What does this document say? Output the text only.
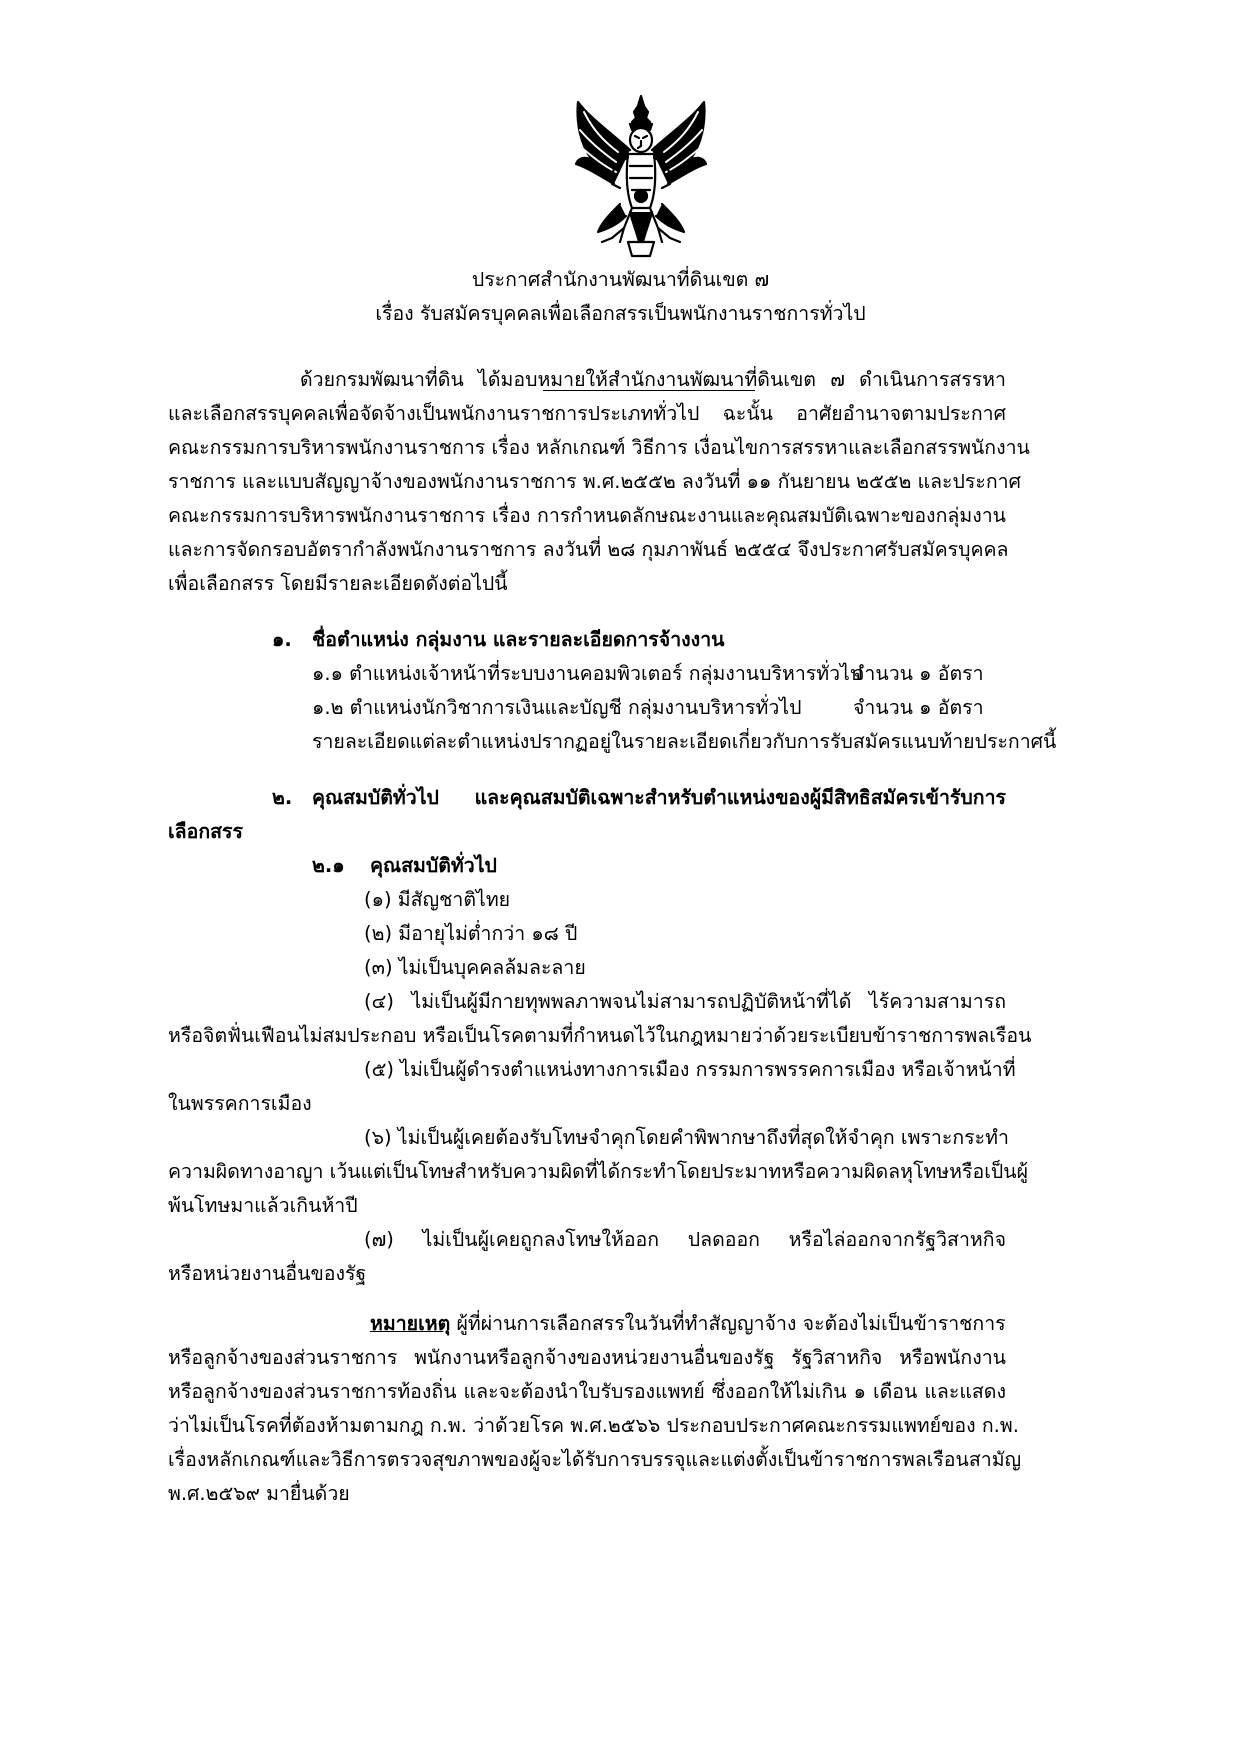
ประกาศสำนักงานพัฒนาที่ดินเขต ๗
เรื่อง รับสมัครบุคคลเพื่อเลือกสรรเป็นพนักงานราชการทั่วไป
ด้วยกรมพัฒนาที่ดิน ได้มอบหมายให้สำนักงานพัฒนาที่ดินเขต ๗ ดำเนินการสรรหา
และเลือกสรรบุคคลเพื่อจัดจ้างเป็นพนักงานราชการประเภททั่วไป ฉะนั้น อาศัยอำนาจตามประกาศ
คณะกรรมการบริหารพนักงานราชการ เรื่อง หลักเกณฑ์ วิธีการ เงื่อนไขการสรรหาและเลือกสรรพนักงาน
ราชการ และแบบสัญญาจ้างของพนักงานราชการ พ.ศ.๒๕๕๒ ลงวันที่ ๑๑ กันยายน ๒๕๕๒ และประกาศ
คณะกรรมการบริหารพนักงานราชการ เรื่อง การกำหนดลักษณะงานและคุณสมบัติเฉพาะของกลุ่มงาน
และการจัดกรอบอัตรากำลังพนักงานราชการ ลงวันที่ ๒๘ กุมภาพันธ์ ๒๕๕๔ จึงประกาศรับสมัครบุคคล
เพื่อเลือกสรร โดยมีรายละเอียดดังต่อไปนี้
๑. ชื่อตำแหน่ง กลุ่มงาน และรายละเอียดการจ้างงาน
๑.๑ ตำแหน่งเจ้าหน้าที่ระบบงานคอมพิวเตอร์ กลุ่มงานบริหารทั่วไป
จำนวน ๑ อัตรา
๑.๒ ตำแหน่งนักวิชาการเงินและบัญชี กลุ่มงานบริหารทั่วไป	จำนวน ๑ อัตรา
รายละเอียดแต่ละตำแหน่งปรากฏอยู่ในรายละเอียดเกี่ยวกับการรับสมัครแนบท้ายประกาศนี้
๒. คุณสมบัติทั่วไป และคุณสมบัติเฉพาะสำหรับตำแหน่งของผู้มีสิทธิสมัครเข้ารับการ
เลือกสรร
๒.๑ คุณสมบัติทั่วไป
(๑) มีสัญชาติไทย
(๒) มีอายุไม่ต่ำกว่า ๑๘ ปี
(๓) ไม่เป็นบุคคลล้มละลาย
(๔) ไม่เป็นผู้มีกายทุพพลภาพจนไม่สามารถปฏิบัติหน้าที่ได้ ไร้ความสามารถ
หรือจิตฟั่นเฟือนไม่สมประกอบ หรือเป็นโรคตามที่กำหนดไว้ในกฎหมายว่าด้วยระเบียบข้าราชการพลเรือน
(๕) ไม่เป็นผู้ดำรงตำแหน่งทางการเมือง กรรมการพรรคการเมือง หรือเจ้าหน้าที่
ในพรรคการเมือง
(๖) ไม่เป็นผู้เคยต้องรับโทษจำคุกโดยคำพิพากษาถึงที่สุดให้จำคุก เพราะกระทำ
ความผิดทางอาญา เว้นแต่เป็นโทษสำหรับความผิดที่ได้กระทำโดยประมาทหรือความผิดลหุโทษหรือเป็นผู้
พ้นโทษมาแล้วเกินห้าปี
(๗) ไม่เป็นผู้เคยถูกลงโทษให้ออก ปลดออก หรือไล่ออกจากรัฐวิสาหกิจ
หรือหน่วยงานอื่นของรัฐ
หมายเหตุ ผู้ที่ผ่านการเลือกสรรในวันที่ทำสัญญาจ้าง จะต้องไม่เป็นข้าราชการ
หรือลูกจ้างของส่วนราชการ พนักงานหรือลูกจ้างของหน่วยงานอื่นของรัฐ รัฐวิสาหกิจ หรือพนักงาน
หรือลูกจ้างของส่วนราชการท้องถิ่น และจะต้องนำใบรับรองแพทย์ ซึ่งออกให้ไม่เกิน ๑ เดือน และแสดง
ว่าไม่เป็นโรคที่ต้องห้ามตามกฎ ก.พ. ว่าด้วยโรค พ.ศ.๒๕๖๖ ประกอบประกาศคณะกรรมแพทย์ของ ก.พ.
เรื่องหลักเกณฑ์และวิธีการตรวจสุขภาพของผู้จะได้รับการบรรจุและแต่งตั้งเป็นข้าราชการพลเรือนสามัญ
พ.ศ.๒๕๖๙ มายื่นด้วย
